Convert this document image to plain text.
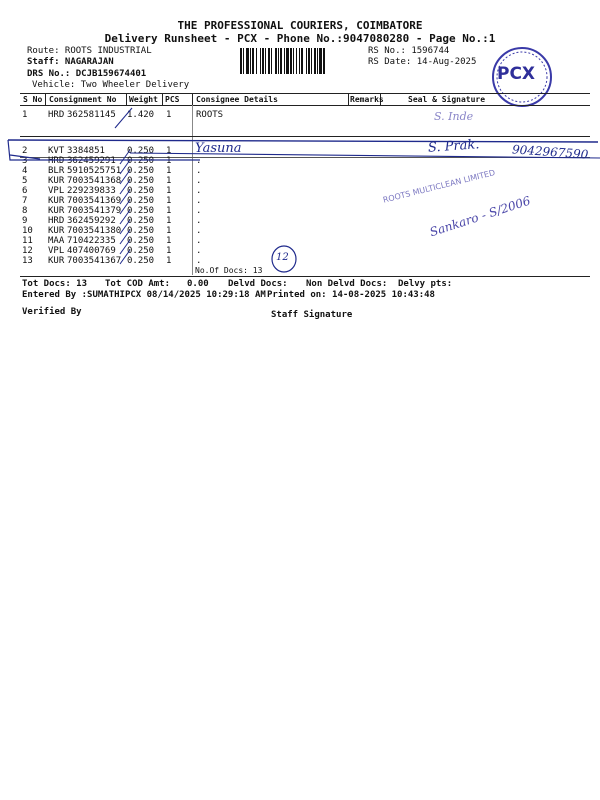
THE PROFESSIONAL COURIERS, COIMBATORE
Delivery Runsheet - PCX - Phone No.:9047080280 - Page No.:1
Route: ROOTS INDUSTRIAL
Staff: NAGARAJAN
DRS No.: DCJB159674401
Vehicle: Two Wheeler Delivery
RS No.: 1596744
RS Date: 14-Aug-2025
PCX
S No Consignment No Weight PCS Consignee Details	Remarks	Seal & Signature
1 HRD 362581145 1.420 1	ROOTS
2 KVT 3384851 0.250 1
3 HRD 362459291 0.250 1	.
4 BLR 5910525751 0.250 1	.
5 KUR 7003541368 0.250 1	.
6 VPL 229239833 0.250 1	.
7 KUR 7003541369 0.250 1	.
8 KUR 7003541379 0.250 1	.
9 HRD 362459292 0.250 1	.
10 KUR 7003541380 0.250 1	.
11 MAA 710422335 0.250 1	.
12 VPL 407400769 0.250 1	.
13 KUR 7003541367 0.250 1	.
No.Of Docs: 13
Tot Docs: 13 Tot COD Amt: 0.00 Delvd Docs: Non Delvd Docs: Delvy pts:
Entered By :SUMATHIPCX 08/14/2025 10:29:18 AM Printed on: 14-08-2025 10:43:48
Verified By	Staff Signature
Yasuna	S. Prak.	9042967590
S. Inde
12
ROOTS MULTICLEAN LIMITED
Sankaro - S/2006
